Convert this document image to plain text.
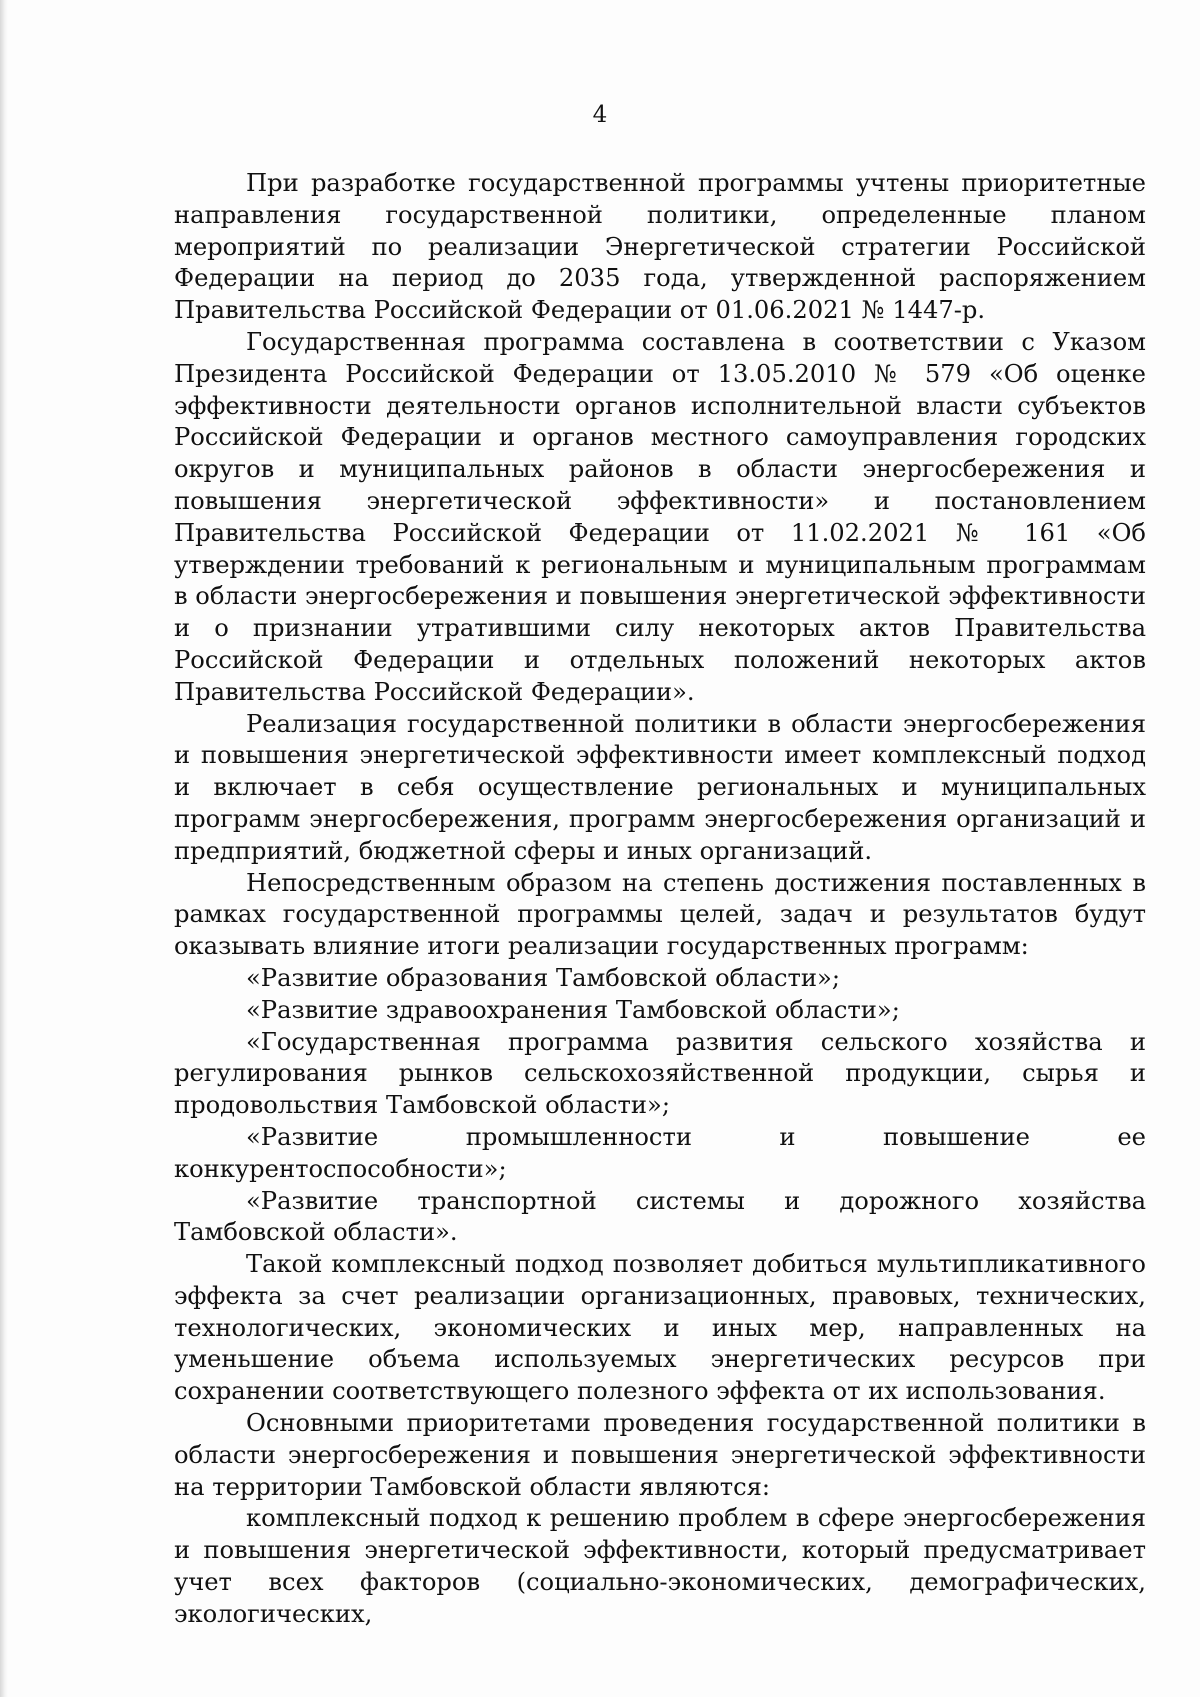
4

При разработке государственной программы учтены приоритетные направления государственной политики, определенные планом мероприятий по реализации Энергетической стратегии Российской Федерации на период до 2035 года, утвержденной распоряжением Правительства Российской Федерации от 01.06.2021 № 1447-р.

Государственная программа составлена в соответствии с Указом Президента Российской Федерации от 13.05.2010 № 579 «Об оценке эффективности деятельности органов исполнительной власти субъектов Российской Федерации и органов местного самоуправления городских округов и муниципальных районов в области энергосбережения и повышения энергетической эффективности» и постановлением Правительства Российской Федерации от 11.02.2021 № 161 «Об утверждении требований к региональным и муниципальным программам в области энергосбережения и повышения энергетической эффективности и о признании утратившими силу некоторых актов Правительства Российской Федерации и отдельных положений некоторых актов Правительства Российской Федерации».

Реализация государственной политики в области энергосбережения и повышения энергетической эффективности имеет комплексный подход и включает в себя осуществление региональных и муниципальных программ энергосбережения, программ энергосбережения организаций и предприятий, бюджетной сферы и иных организаций.

Непосредственным образом на степень достижения поставленных в рамках государственной программы целей, задач и результатов будут оказывать влияние итоги реализации государственных программ:

«Развитие образования Тамбовской области»;

«Развитие здравоохранения Тамбовской области»;

«Государственная программа развития сельского хозяйства и регулирования рынков сельскохозяйственной продукции, сырья и продовольствия Тамбовской области»;

«Развитие промышленности и повышение ее конкурентоспособности»;

«Развитие транспортной системы и дорожного хозяйства Тамбовской области».

Такой комплексный подход позволяет добиться мультипликативного эффекта за счет реализации организационных, правовых, технических, технологических, экономических и иных мер, направленных на уменьшение объема используемых энергетических ресурсов при сохранении соответствующего полезного эффекта от их использования.

Основными приоритетами проведения государственной политики в области энергосбережения и повышения энергетической эффективности на территории Тамбовской области являются:

комплексный подход к решению проблем в сфере энергосбережения и повышения энергетической эффективности, который предусматривает учет всех факторов (социально-экономических, демографических, экологических,
